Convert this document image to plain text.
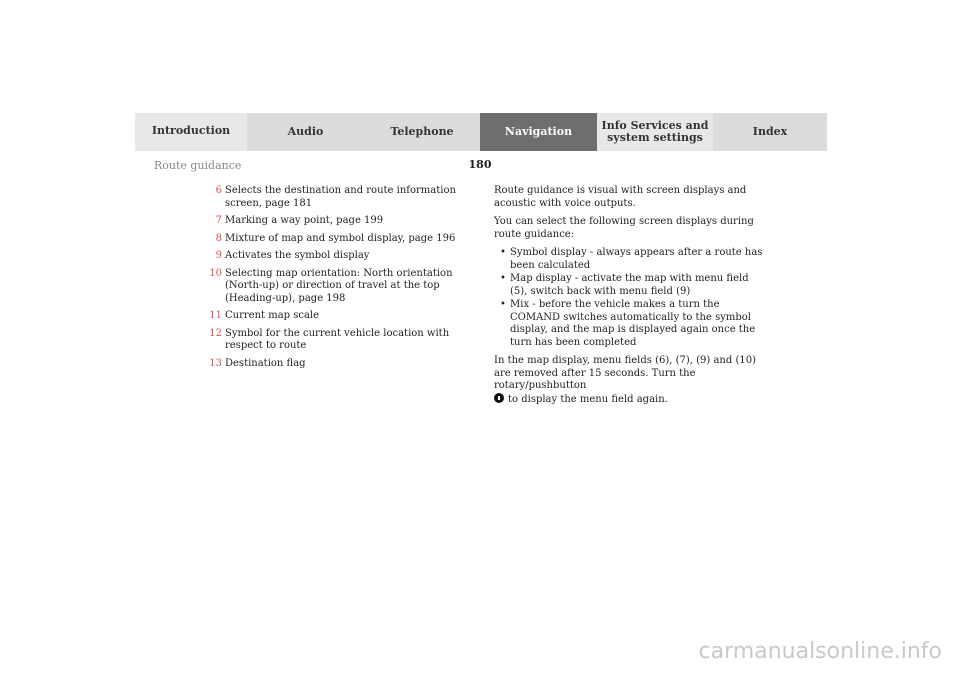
Introduction	Audio	Telephone	Navigation	Info Services and
system settings	Index
Route guidance	180
6 Selects the destination and route information screen, page 181
7 Marking a way point, page 199
8 Mixture of map and symbol display, page 196
9 Activates the symbol display
10 Selecting map orientation: North orientation (North-up) or direction of travel at the top (Heading-up), page 198
11 Current map scale
12 Symbol for the current vehicle location with respect to route
13 Destination flag

Route guidance is visual with screen displays and acoustic with voice outputs.

You can select the following screen displays during route guidance:

• Symbol display - always appears after a route has been calculated
• Map display - activate the map with menu field (5), switch back with menu field (9)
• Mix - before the vehicle makes a turn the COMAND switches automatically to the symbol display, and the map is displayed again once the turn has been completed

In the map display, menu fields (6), (7), (9) and (10) are removed after 15 seconds. Turn the rotary/pushbutton
to display the menu field again.

carmanualsonline.info
